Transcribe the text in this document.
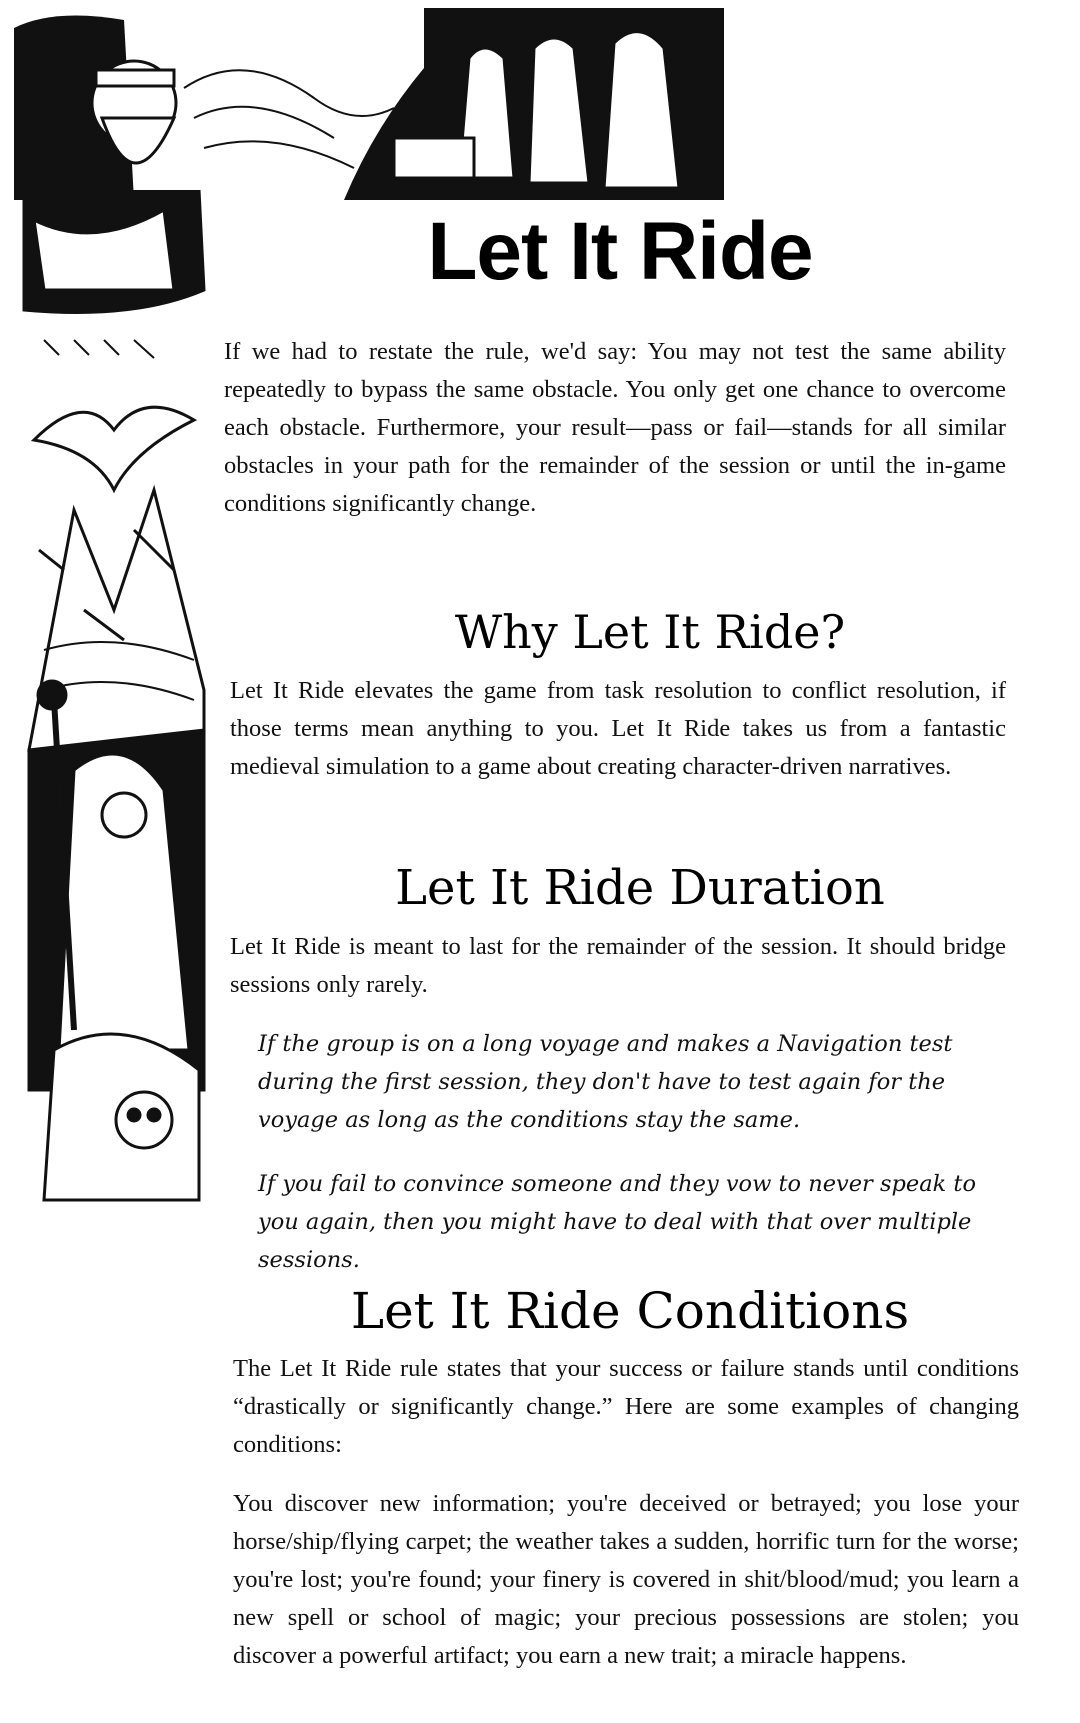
Let It Ride

If we had to restate the rule, we'd say: You may not test the same ability repeatedly to bypass the same obstacle. You only get one chance to overcome each obstacle. Furthermore, your result—pass or fail—stands for all similar obstacles in your path for the remainder of the session or until the in-game conditions significantly change.

Why Let It Ride?

Let It Ride elevates the game from task resolution to conflict resolution, if those terms mean anything to you. Let It Ride takes us from a fantastic medieval simulation to a game about creating character-driven narratives.

Let It Ride Duration

Let It Ride is meant to last for the remainder of the session. It should bridge sessions only rarely.

If the group is on a long voyage and makes a Navigation test during the first session, they don't have to test again for the voyage as long as the conditions stay the same.

If you fail to convince someone and they vow to never speak to you again, then you might have to deal with that over multiple sessions.

Let It Ride Conditions

The Let It Ride rule states that your success or failure stands until conditions “drastically or significantly change.” Here are some examples of changing conditions:

You discover new information; you're deceived or betrayed; you lose your horse/ship/flying carpet; the weather takes a sudden, horrific turn for the worse; you're lost; you're found; your finery is covered in shit/blood/mud; you learn a new spell or school of magic; your precious possessions are stolen; you discover a powerful artifact; you earn a new trait; a miracle happens.
